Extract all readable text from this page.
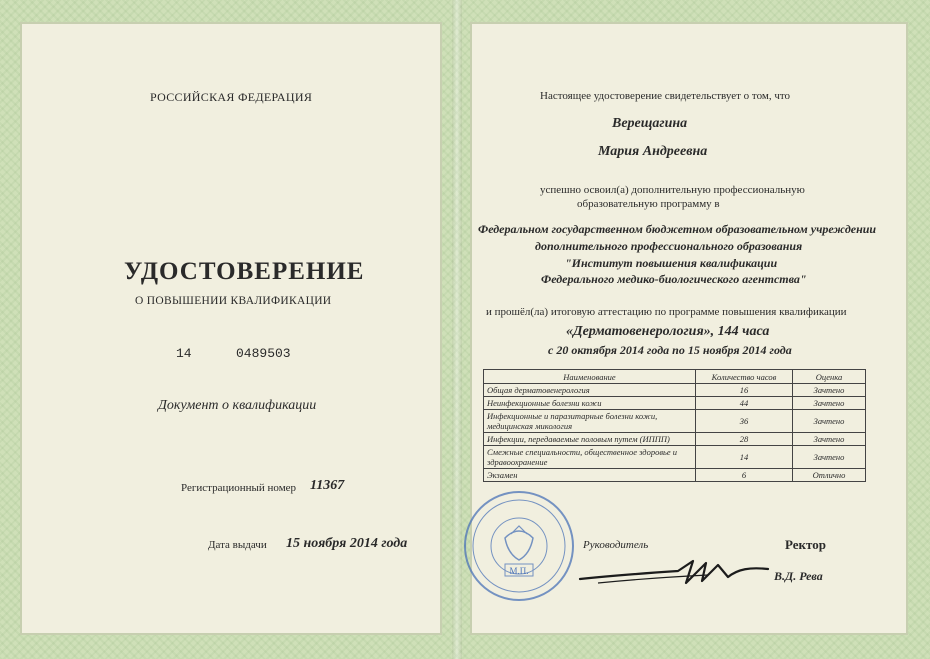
РОССИЙСКАЯ ФЕДЕРАЦИЯ
УДОСТОВЕРЕНИЕ
О ПОВЫШЕНИИ КВАЛИФИКАЦИИ
14	0489503
Документ о квалификации
Регистрационный номер 11367
Дата выдачи 15 ноября 2014 года
Настоящее удостоверение свидетельствует о том, что
Верещагина
Мария Андреевна
успешно освоил(а) дополнительную профессиональную
образовательную программу в
Федеральном государственном бюджетном образовательном учреждении
дополнительного профессионального образования
"Институт повышения квалификации
Федерального медико-биологического агентства"
и прошёл(ла) итоговую аттестацию по программе повышения квалификации
«Дерматовенерология», 144 часа
с 20 октября 2014 года по 15 ноября 2014 года
Наименование	Количество часов	Оценка
Общая дерматовенерология	16	Зачтено
Неинфекционные болезни кожи	44	Зачтено
Инфекционные и паразитарные болезни кожи, медицинская микология	36	Зачтено
Инфекции, передаваемые половым путем (ИППП)	28	Зачтено
Смежные специальности, общественное здоровье и здравоохранение	14	Зачтено
Экзамен	6	Отлично
М.П.
Руководитель	Ректор
В.Д. Рева
